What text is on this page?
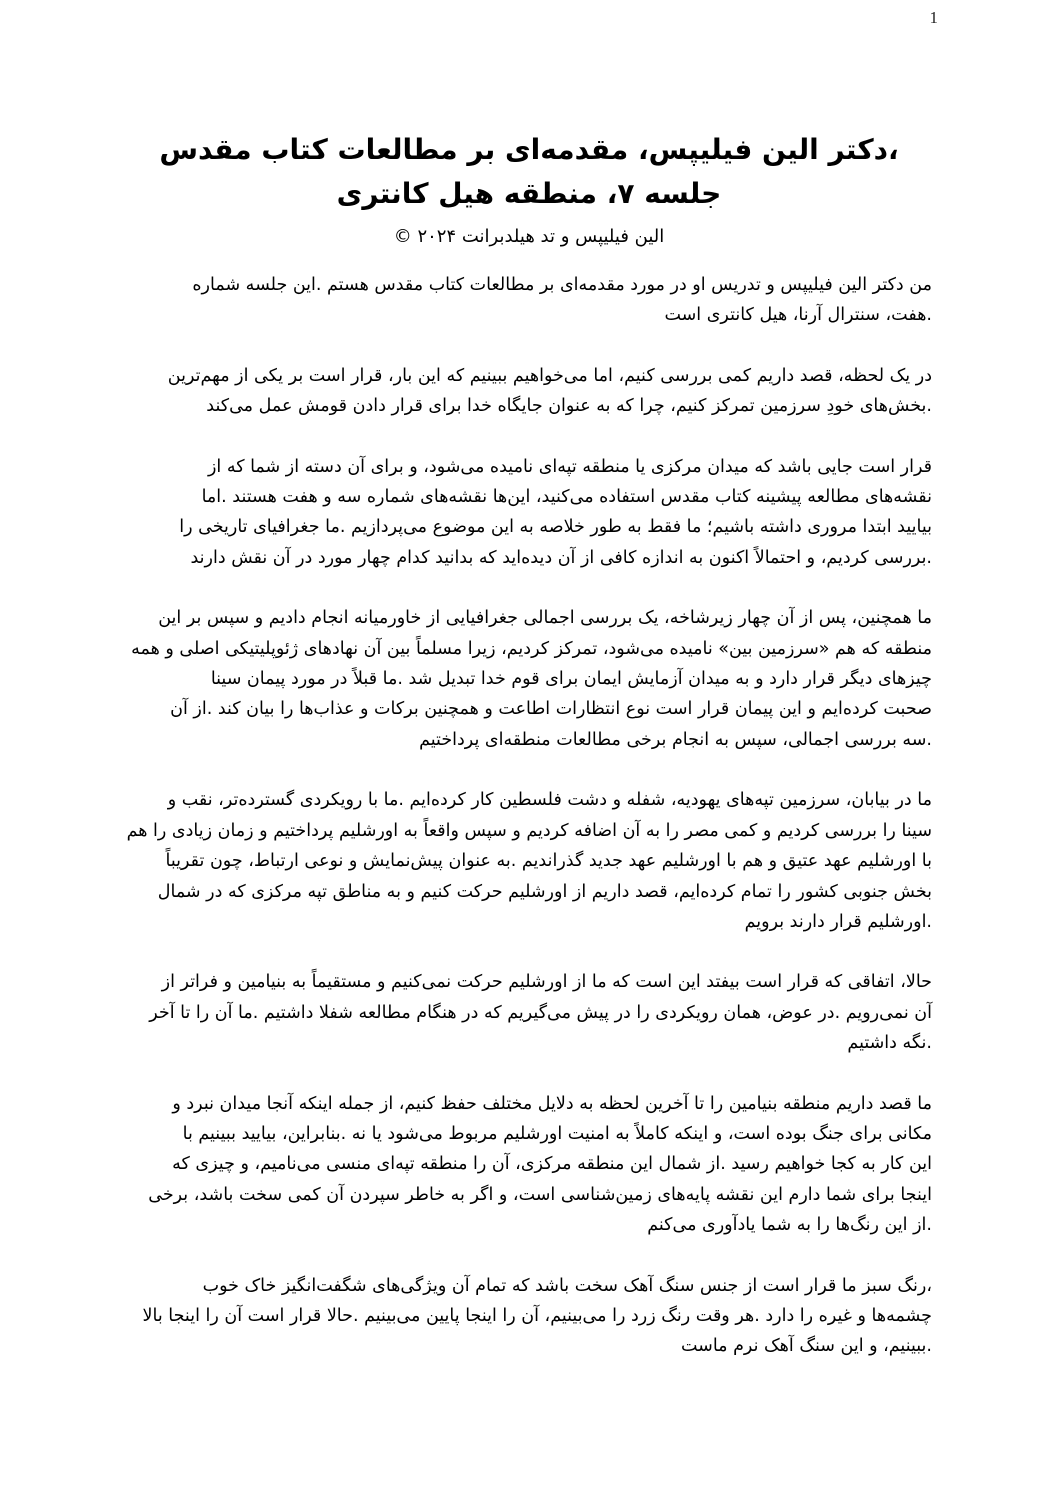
1

،دکتر الین فیلیپس، مقدمه‌ای بر مطالعات کتاب مقدس

جلسه ۷، منطقه هیل کانتری

الین فیلیپس و تد هیلدبرانت ۲۰۲۴ ©

من دکتر الین فیلیپس و تدریس او در مورد مقدمه‌ای بر مطالعات کتاب مقدس هستم .این جلسه شماره
.هفت، سنترال آرنا، هیل کانتری است

در یک لحظه، قصد داریم کمی بررسی کنیم، اما می‌خواهیم ببینیم که این بار، قرار است بر یکی از مهم‌ترین
.بخش‌های خودِ سرزمین تمرکز کنیم، چرا که به عنوان جایگاه خدا برای قرار دادن قومش عمل می‌کند

قرار است جایی باشد که میدان مرکزی یا منطقه تپه‌ای نامیده می‌شود، و برای آن دسته از شما که از
نقشه‌های مطالعه پیشینه کتاب مقدس استفاده می‌کنید، این‌ها نقشه‌های شماره سه و هفت هستند .اما
بیایید ابتدا مروری داشته باشیم؛ ما فقط به طور خلاصه به این موضوع می‌پردازیم .ما جغرافیای تاریخی را
.بررسی کردیم، و احتمالاً اکنون به اندازه کافی از آن دیده‌اید که بدانید کدام چهار مورد در آن نقش دارند

ما همچنین، پس از آن چهار زیرشاخه، یک بررسی اجمالی جغرافیایی از خاورمیانه انجام دادیم و سپس بر این
منطقه که هم «سرزمین بین» نامیده می‌شود، تمرکز کردیم، زیرا مسلماً بین آن نهادهای ژئوپلیتیکی اصلی و همه
چیزهای دیگر قرار دارد و به میدان آزمایش ایمان برای قوم خدا تبدیل شد .ما قبلاً در مورد پیمان سینا
صحبت کرده‌ایم و این پیمان قرار است نوع انتظارات اطاعت و همچنین برکات و عذاب‌ها را بیان کند .از آن
.سه بررسی اجمالی، سپس به انجام برخی مطالعات منطقه‌ای پرداختیم

ما در بیابان، سرزمین تپه‌های یهودیه، شفله و دشت فلسطین کار کرده‌ایم .ما با رویکردی گسترده‌تر، نقب و
سینا را بررسی کردیم و کمی مصر را به آن اضافه کردیم و سپس واقعاً به اورشلیم پرداختیم و زمان زیادی را هم
با اورشلیم عهد عتیق و هم با اورشلیم عهد جدید گذراندیم .به عنوان پیش‌نمایش و نوعی ارتباط، چون تقریباً
بخش جنوبی کشور را تمام کرده‌ایم، قصد داریم از اورشلیم حرکت کنیم و به مناطق تپه مرکزی که در شمال
.اورشلیم قرار دارند برویم

حالا، اتفاقی که قرار است بیفتد این است که ما از اورشلیم حرکت نمی‌کنیم و مستقیماً به بنیامین و فراتر از
آن نمی‌رویم .در عوض، همان رویکردی را در پیش می‌گیریم که در هنگام مطالعه شفلا داشتیم .ما آن را تا آخر
.نگه داشتیم

ما قصد داریم منطقه بنیامین را تا آخرین لحظه به دلایل مختلف حفظ کنیم، از جمله اینکه آنجا میدان نبرد و
مکانی برای جنگ بوده است، و اینکه کاملاً به امنیت اورشلیم مربوط می‌شود یا نه .بنابراین، بیایید ببینیم با
این کار به کجا خواهیم رسید .از شمال این منطقه مرکزی، آن را منطقه تپه‌ای منسی می‌نامیم، و چیزی که
اینجا برای شما دارم این نقشه پایه‌های زمین‌شناسی است، و اگر به خاطر سپردن آن کمی سخت باشد، برخی
.از این رنگ‌ها را به شما یادآوری می‌کنم

،رنگ سبز ما قرار است از جنس سنگ آهک سخت باشد که تمام آن ویژگی‌های شگفت‌انگیز خاک خوب
چشمه‌ها و غیره را دارد .هر وقت رنگ زرد را می‌بینیم، آن را اینجا پایین می‌بینیم .حالا قرار است آن را اینجا بالا
.ببینیم، و این سنگ آهک نرم ماست
